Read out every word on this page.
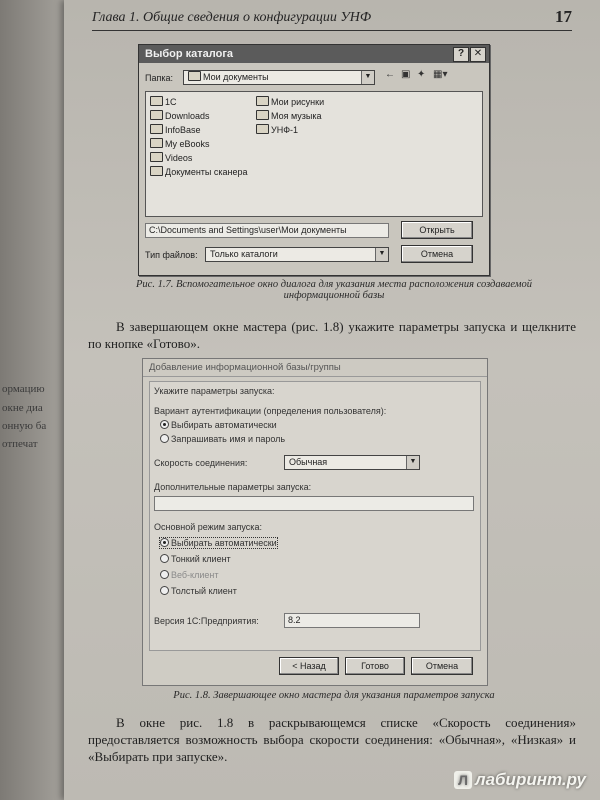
ормацию
окне диа
онную ба
отпечат
Глава 1. Общие сведения о конфигурации УНФ	17
Выбор каталога	? ✕
Папка:	Мои документы	▼ ← ▣ ✦ ▦▾
1C
Downloads
InfoBase
My eBooks
Videos
Документы сканера
Мои рисунки
Моя музыка
УНФ-1
C:\Documents and Settings\user\Мои документы	Открыть
Тип файлов:	Только каталоги	▼	Отмена
Рис. 1.7. Вспомогательное окно диалога для указания места расположения создаваемой информационной базы
В завершающем окне мастера (рис. 1.8) укажите параметры запуска и щелкните по кнопке «Готово».
Добавление информационной базы/группы
Укажите параметры запуска:
Вариант аутентификации (определения пользователя):
Выбирать автоматически
Запрашивать имя и пароль
Скорость соединения:	Обычная	▼
Дополнительные параметры запуска:
Основной режим запуска:
Выбирать автоматически
Тонкий клиент
Веб-клиент
Толстый клиент
Версия 1С:Предприятия:	8.2
< Назад	Готово	Отмена
Рис. 1.8. Завершающее окно мастера для указания параметров запуска
В окне рис. 1.8 в раскрывающемся списке «Скорость соединения» предоставляется возможность выбора скорости соединения: «Обычная», «Низкая» и «Выбирать при запуске».
Л лабиринт.ру
